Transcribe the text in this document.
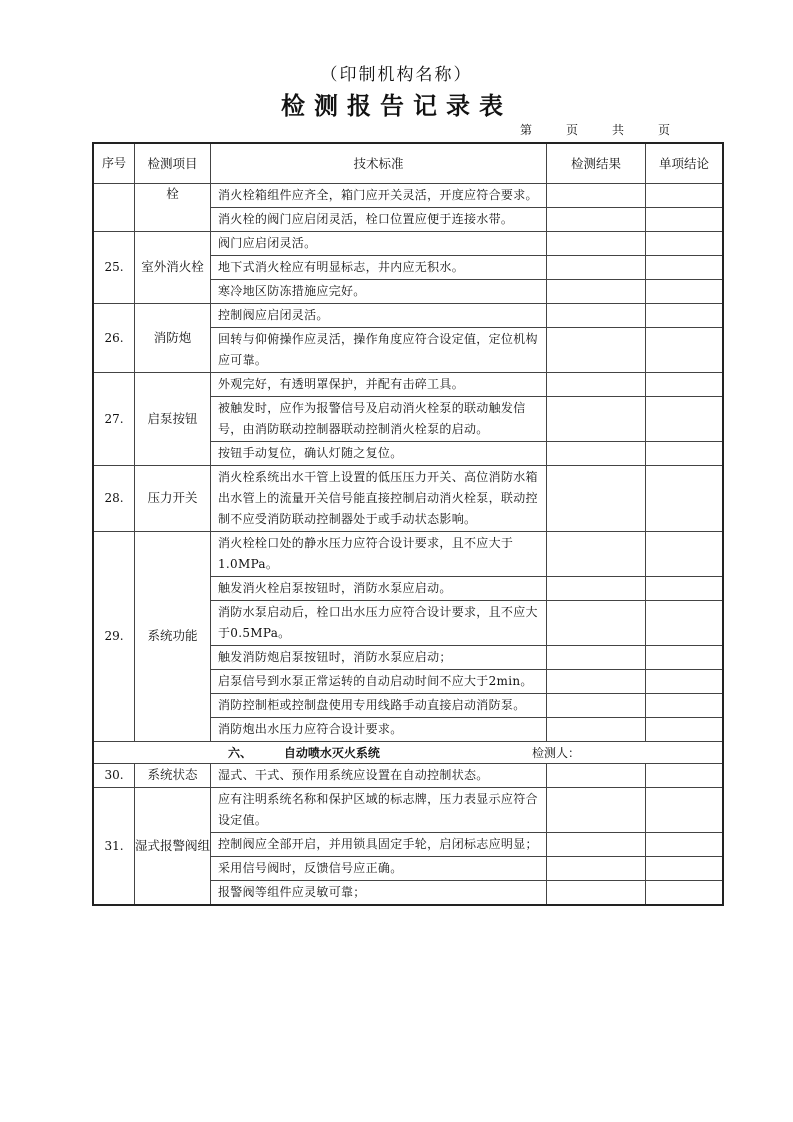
（印制机构名称）
检测报告记录表
第	页	共	页
序号	检测项目	技术标准	检测结果	单项结论
	栓	消火栓箱组件应齐全，箱门应开关灵活，开度应符合要求。		
		消火栓的阀门应启闭灵活，栓口位置应便于连接水带。		
25.	室外消火栓	阀门应启闭灵活。		
		地下式消火栓应有明显标志，井内应无积水。		
		寒冷地区防冻措施应完好。		
26.	消防炮	控制阀应启闭灵活。		
		回转与仰俯操作应灵活，操作角度应符合设定值，定位机构应可靠。		
27.	启泵按钮	外观完好，有透明罩保护，并配有击碎工具。		
		被触发时，应作为报警信号及启动消火栓泵的联动触发信号，由消防联动控制器联动控制消火栓泵的启动。		
		按钮手动复位，确认灯随之复位。		
28.	压力开关	消火栓系统出水干管上设置的低压压力开关、高位消防水箱出水管上的流量开关信号能直接控制启动消火栓泵，联动控制不应受消防联动控制器处于或手动状态影响。		
29.	系统功能	消火栓栓口处的静水压力应符合设计要求，且不应大于1.0MPa。		
		触发消火栓启泵按钮时，消防水泵应启动。		
		消防水泵启动后，栓口出水压力应符合设计要求，且不应大于0.5MPa。		
		触发消防炮启泵按钮时，消防水泵应启动；		
		启泵信号到水泵正常运转的自动启动时间不应大于2min。		
		消防控制柜或控制盘使用专用线路手动直接启动消防泵。		
		消防炮出水压力应符合设计要求。		

六、 自动喷水灭火系统 检测人：				

30.	系统状态	湿式、干式、预作用系统应设置在自动控制状态。		
31.	湿式报警阀组	应有注明系统名称和保护区域的标志牌，压力表显示应符合设定值。		
		控制阀应全部开启，并用锁具固定手轮，启闭标志应明显；		
		采用信号阀时，反馈信号应正确。		
		报警阀等组件应灵敏可靠；		
